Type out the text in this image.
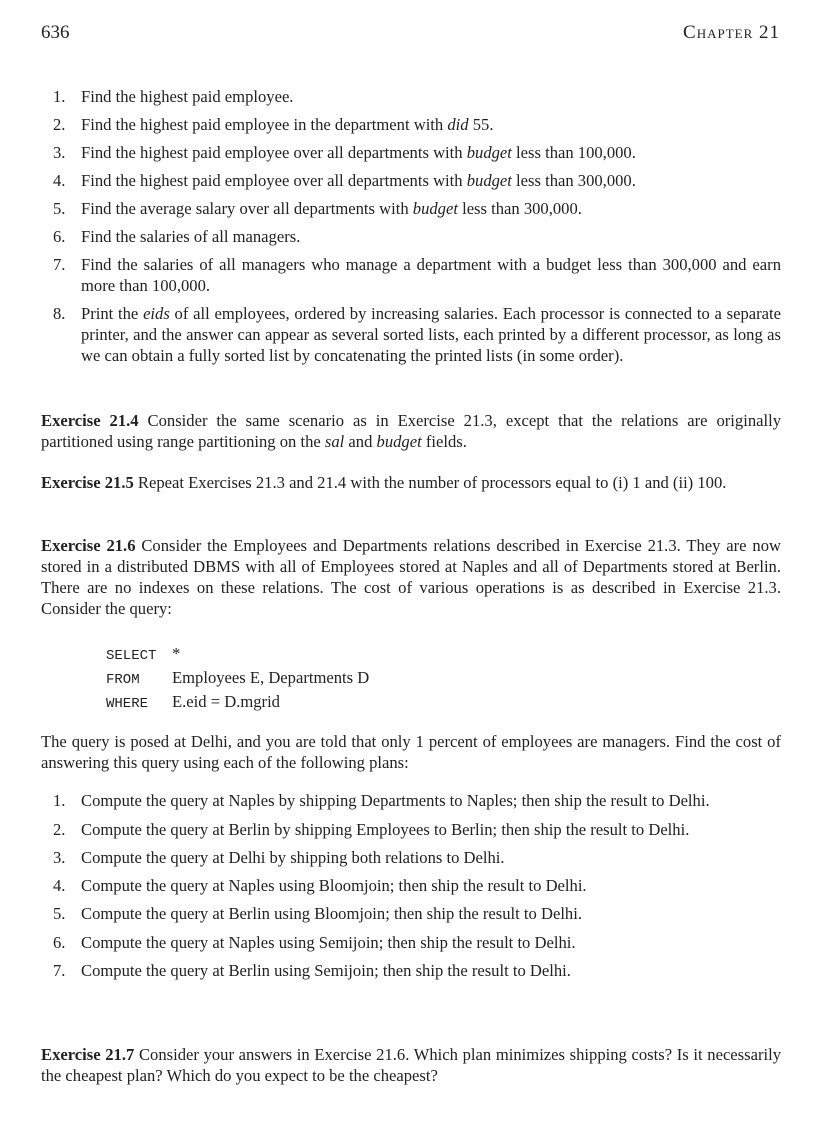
636	Chapter 21
1. Find the highest paid employee.
2. Find the highest paid employee in the department with did 55.
3. Find the highest paid employee over all departments with budget less than 100,000.
4. Find the highest paid employee over all departments with budget less than 300,000.
5. Find the average salary over all departments with budget less than 300,000.
6. Find the salaries of all managers.
7. Find the salaries of all managers who manage a department with a budget less than 300,000 and earn more than 100,000.
8. Print the eids of all employees, ordered by increasing salaries. Each processor is connected to a separate printer, and the answer can appear as several sorted lists, each printed by a different processor, as long as we can obtain a fully sorted list by concatenating the printed lists (in some order).
Exercise 21.4 Consider the same scenario as in Exercise 21.3, except that the relations are originally partitioned using range partitioning on the sal and budget fields.
Exercise 21.5 Repeat Exercises 21.3 and 21.4 with the number of processors equal to (i) 1 and (ii) 100.
Exercise 21.6 Consider the Employees and Departments relations described in Exercise 21.3. They are now stored in a distributed DBMS with all of Employees stored at Naples and all of Departments stored at Berlin. There are no indexes on these relations. The cost of various operations is as described in Exercise 21.3. Consider the query:
SELECT *
FROM Employees E, Departments D
WHERE E.eid = D.mgrid
The query is posed at Delhi, and you are told that only 1 percent of employees are managers. Find the cost of answering this query using each of the following plans:
1. Compute the query at Naples by shipping Departments to Naples; then ship the result to Delhi.
2. Compute the query at Berlin by shipping Employees to Berlin; then ship the result to Delhi.
3. Compute the query at Delhi by shipping both relations to Delhi.
4. Compute the query at Naples using Bloomjoin; then ship the result to Delhi.
5. Compute the query at Berlin using Bloomjoin; then ship the result to Delhi.
6. Compute the query at Naples using Semijoin; then ship the result to Delhi.
7. Compute the query at Berlin using Semijoin; then ship the result to Delhi.
Exercise 21.7 Consider your answers in Exercise 21.6. Which plan minimizes shipping costs? Is it necessarily the cheapest plan? Which do you expect to be the cheapest?
